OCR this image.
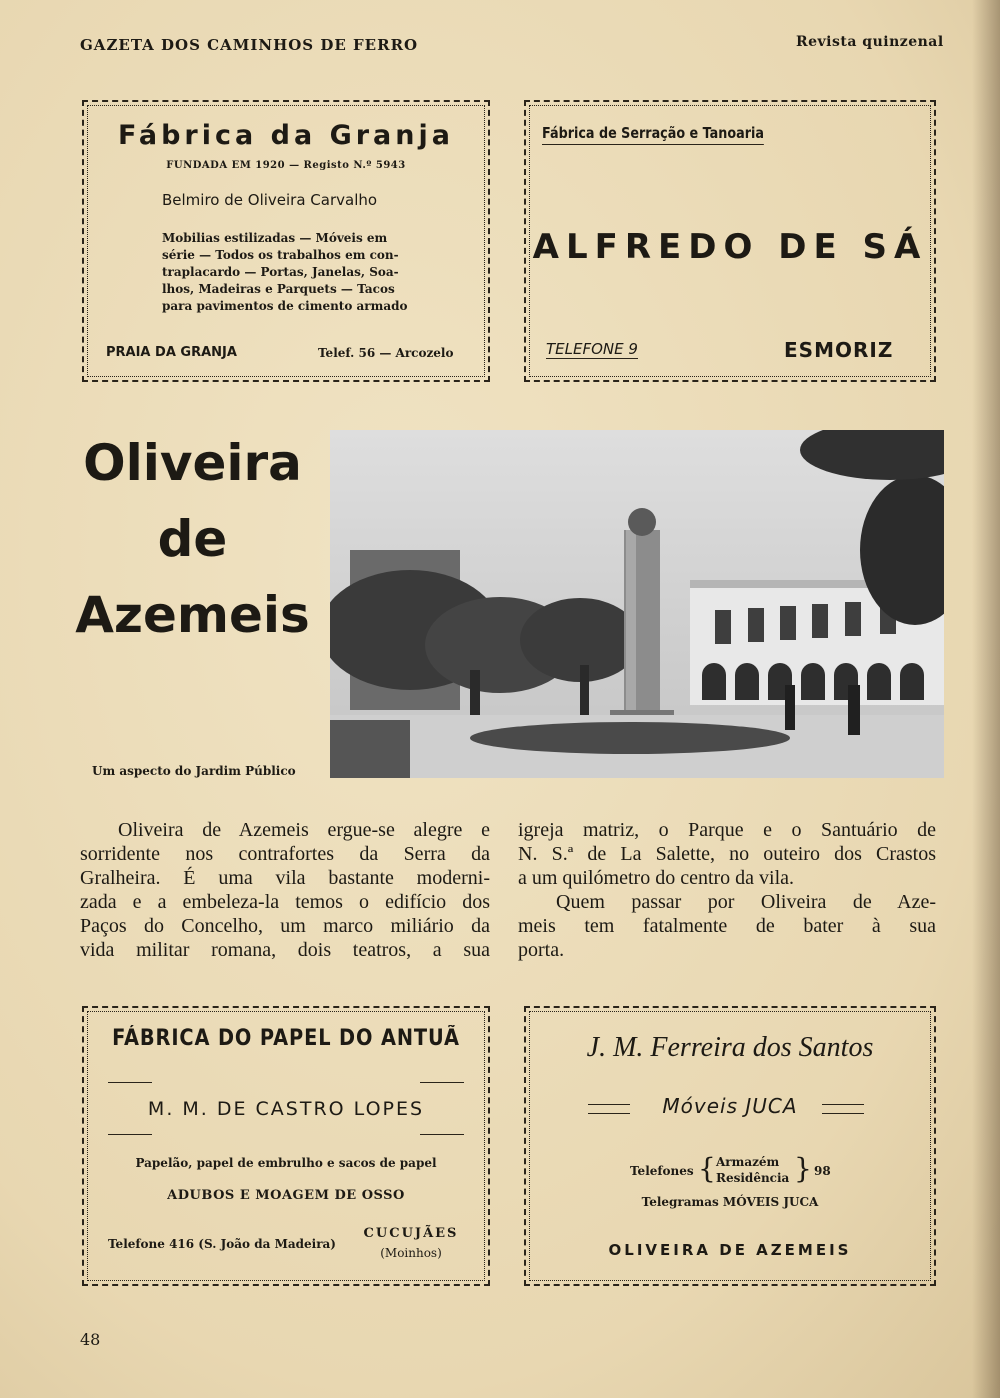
GAZETA DOS CAMINHOS DE FERRO	Revista quinzenal
Fábrica da Granja
FUNDADA EM 1920 — Registo N.º 5943
Belmiro de Oliveira Carvalho
Mobilias estilizadas — Móveis em
série — Todos os trabalhos em con-
traplacardo — Portas, Janelas, Soa-
lhos, Madeiras e Parquets — Tacos
para pavimentos de cimento armado
PRAIA DA GRANJA	Telef. 56 — Arcozelo
Fábrica de Serração e Tanoaria
ALFREDO DE SÁ
TELEFONE 9	ESMORIZ
Oliveira
de
Azemeis
Um aspecto do Jardim Público
Oliveira de Azemeis ergue-se alegre e
sorridente nos contrafortes da Serra da
Gralheira. É uma vila bastante moderni-
zada e a embeleza-la temos o edifício dos
Paços do Concelho, um marco miliário da
vida militar romana, dois teatros, a sua
igreja matriz, o Parque e o Santuário de
N. S.ª de La Salette, no outeiro dos Crastos
a um quilómetro do centro da vila.
Quem passar por Oliveira de Aze-
meis tem fatalmente de bater à sua
porta.
FÁBRICA DO PAPEL DO ANTUÃ
M. M. DE CASTRO LOPES
Papelão, papel de embrulho e sacos de papel
ADUBOS E MOAGEM DE OSSO
Telefone 416 (S. João da Madeira)
CUCUJÃES
(Moinhos)
J. M. Ferreira dos Santos
Móveis JUCA
Telefones { Armazém
Residência } 98
Telegramas MÓVEIS JUCA
OLIVEIRA DE AZEMEIS
48
